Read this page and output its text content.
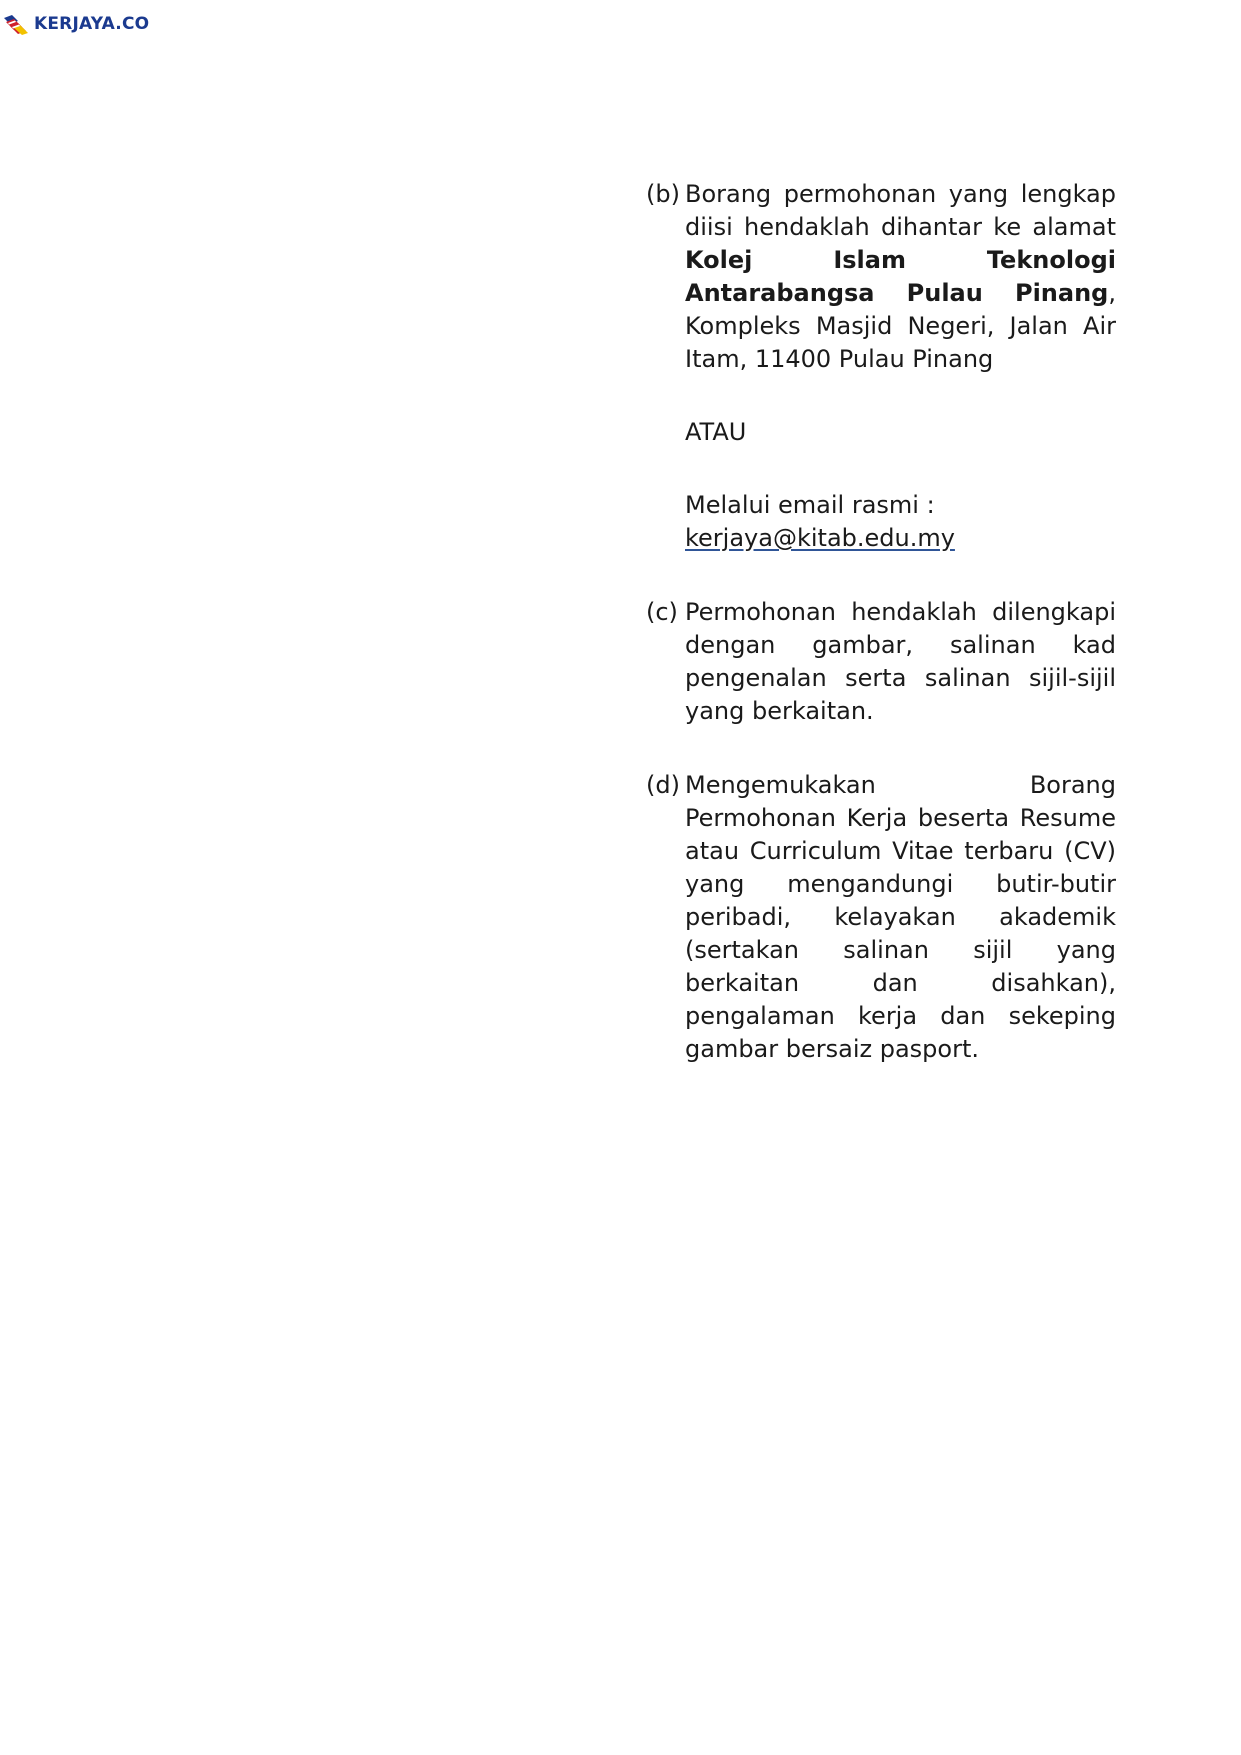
KERJAYA.CO
(b) Borang permohonan yang lengkap diisi hendaklah dihantar ke alamat Kolej Islam Teknologi Antarabangsa Pulau Pinang, Kompleks Masjid Negeri, Jalan Air Itam, 11400 Pulau Pinang

ATAU

Melalui email rasmi :
kerjaya@kitab.edu.my

(c) Permohonan hendaklah dilengkapi dengan gambar, salinan kad pengenalan serta salinan sijil-sijil yang berkaitan.
(d) Mengemukakan Borang Permohonan Kerja beserta Resume atau Curriculum Vitae terbaru (CV) yang mengandungi butir-butir peribadi, kelayakan akademik (sertakan salinan sijil yang berkaitan dan disahkan), pengalaman kerja dan sekeping gambar bersaiz pasport.
